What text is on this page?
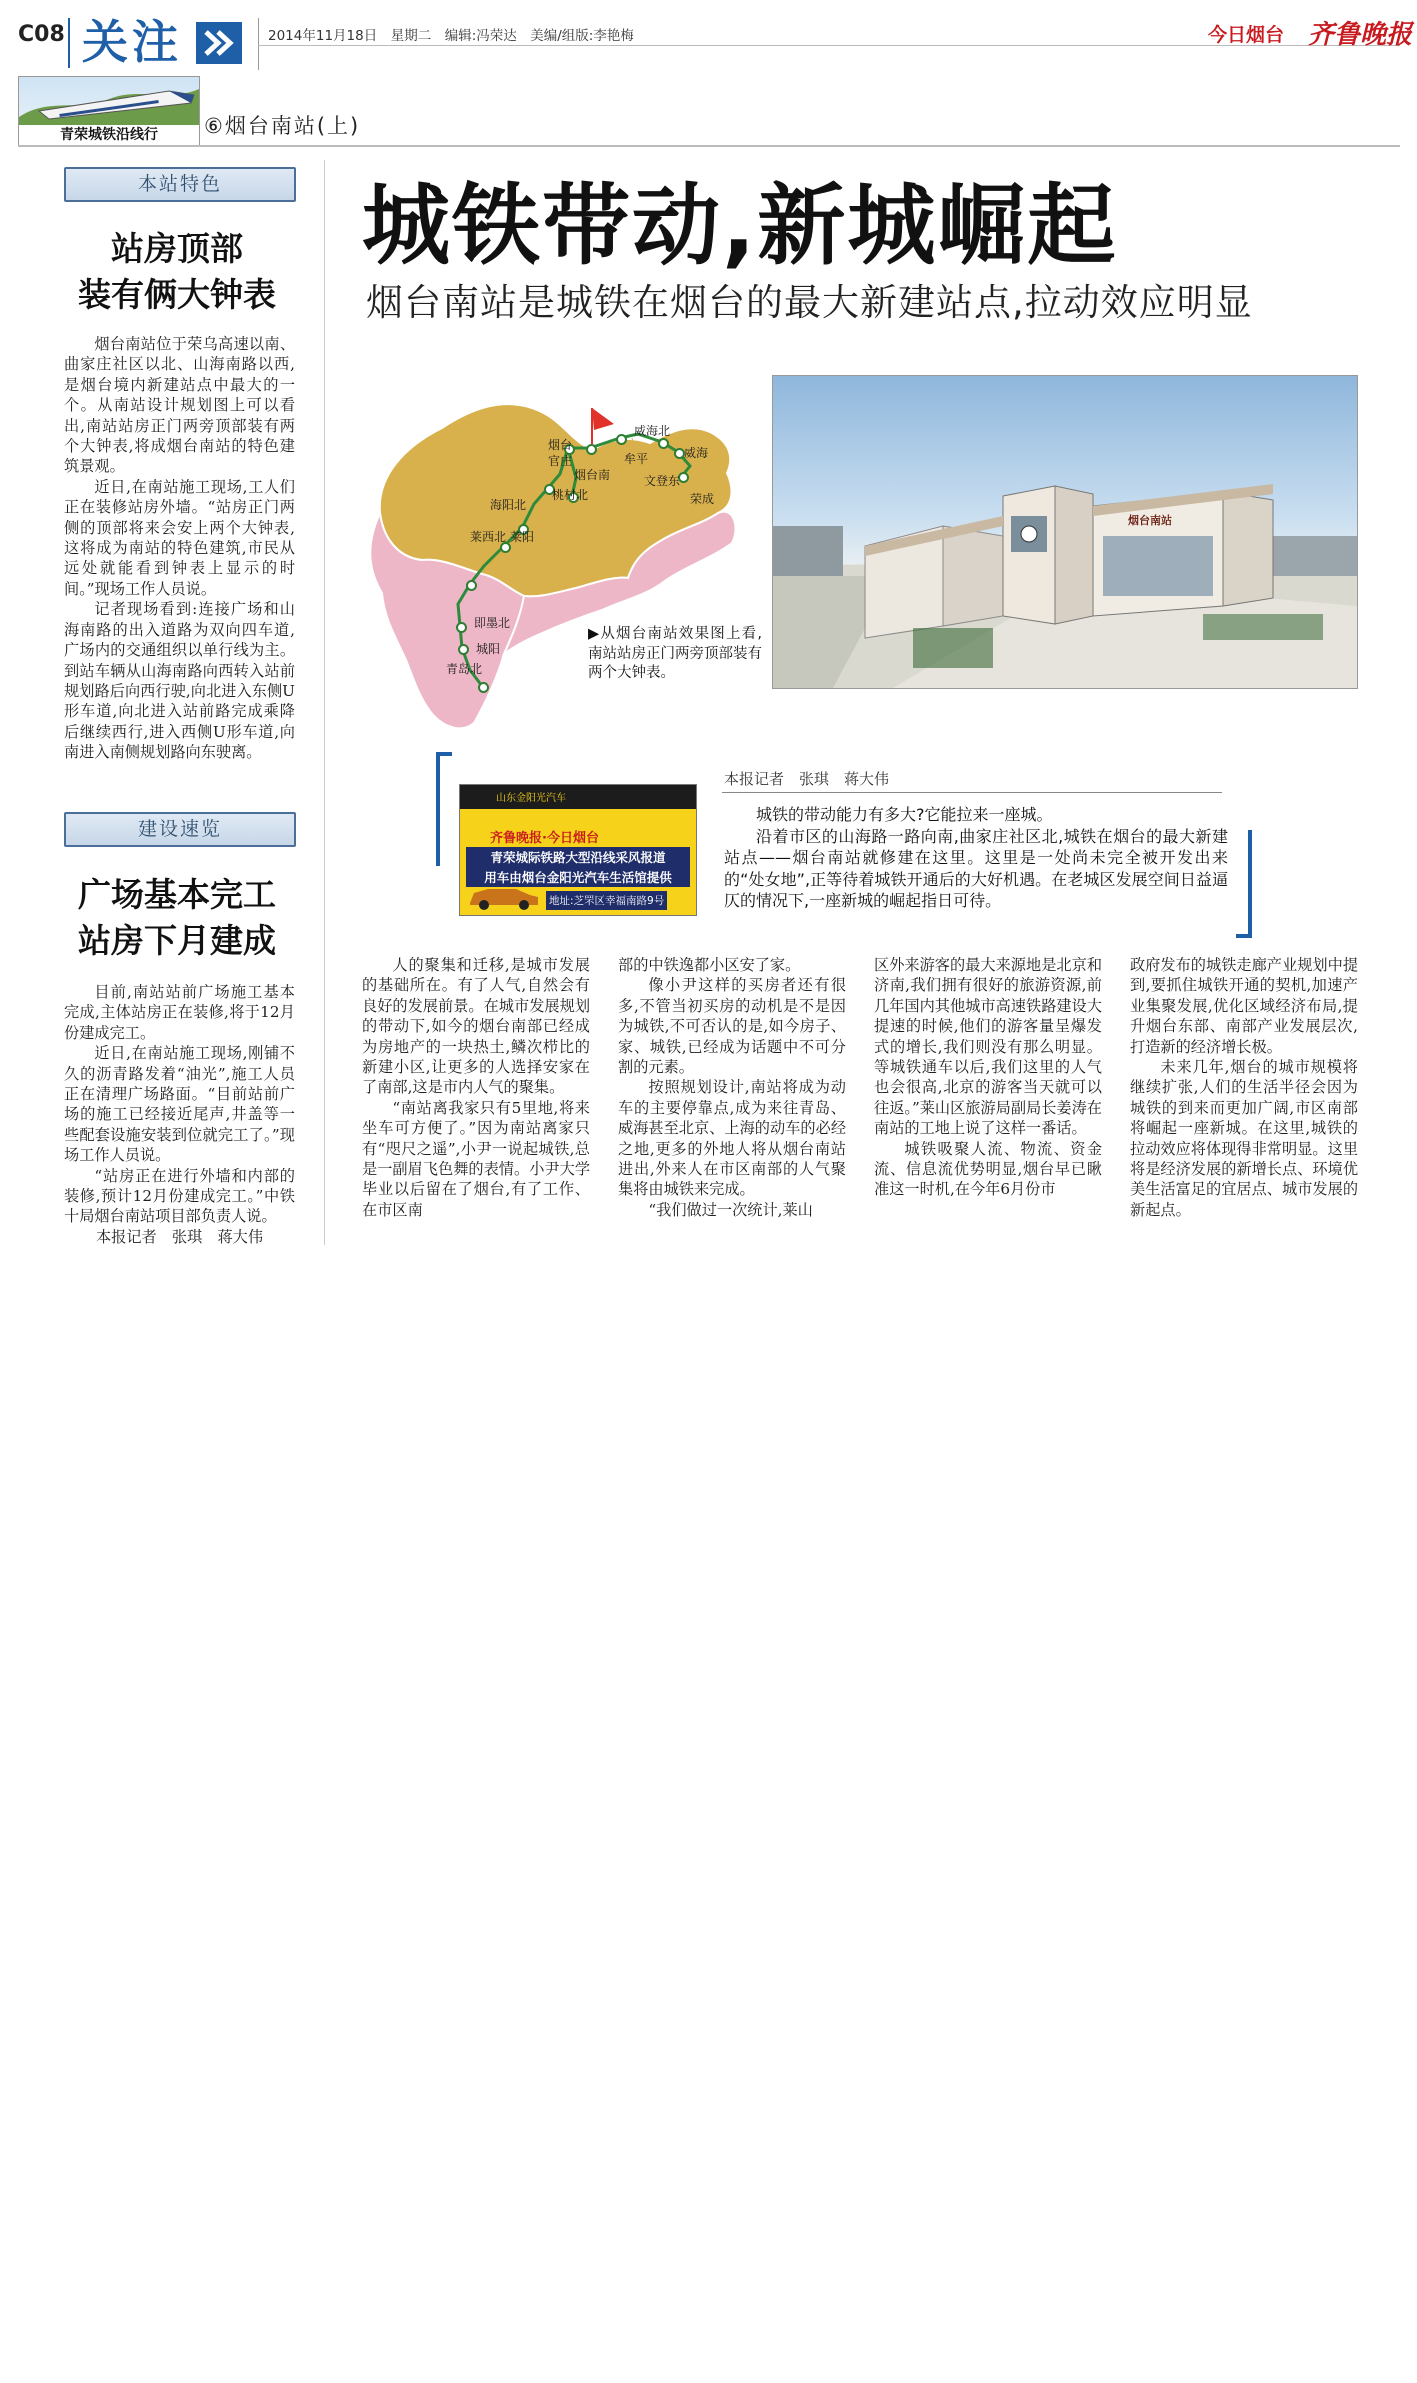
C08 关注	2014年11月18日　星期二　编辑:冯荣达　美编/组版:李艳梅	今日烟台 齐鲁晚报
青荣城铁沿线行	⑥烟台南站(上)
本站特色
站房顶部
装有俩大钟表

烟台南站位于荣乌高速以南、曲家庄社区以北、山海南路以西,是烟台境内新建站点中最大的一个。从南站设计规划图上可以看出,南站站房正门两旁顶部装有两个大钟表,将成烟台南站的特色建筑景观。

近日,在南站施工现场,工人们正在装修站房外墙。“站房正门两侧的顶部将来会安上两个大钟表,这将成为南站的特色建筑,市民从远处就能看到钟表上显示的时间。”现场工作人员说。

记者现场看到:连接广场和山海南路的出入道路为双向四车道,广场内的交通组织以单行线为主。到站车辆从山海南路向西转入站前规划路后向西行驶,向北进入东侧U形车道,向北进入站前路完成乘降后继续西行,进入西侧U形车道,向南进入南侧规划路向东驶离。

建设速览
广场基本完工
站房下月建成

目前,南站站前广场施工基本完成,主体站房正在装修,将于12月份建成完工。

近日,在南站施工现场,刚铺不久的沥青路发着“油光”,施工人员正在清理广场路面。“目前站前广场的施工已经接近尾声,井盖等一些配套设施安装到位就完工了。”现场工作人员说。

“站房正在进行外墙和内部的装修,预计12月份建成完工。”中铁十局烟台南站项目部负责人说。

本报记者　张琪　蒋大伟

城铁带动,新城崛起
烟台南站是城铁在烟台的最大新建站点,拉动效应明显
烟台
官庄	牟平
威海北
威海
文登东
荣成
桃村北
烟台南
海阳北
莱阳
莱西北
即墨北
城阳
青岛北
烟台南站
▶从烟台南站效果图上看,南站站房正门两旁顶部装有两个大钟表。
山东金阳光汽车
齐鲁晚报·今日烟台
青荣城际铁路大型沿线采风报道
用车由烟台金阳光汽车生活馆提供
地址:芝罘区幸福南路9号
本报记者　张琪　蒋大伟

城铁的带动能力有多大?它能拉来一座城。

沿着市区的山海路一路向南,曲家庄社区北,城铁在烟台的最大新建站点——烟台南站就修建在这里。这里是一处尚未完全被开发出来的“处女地”,正等待着城铁开通后的大好机遇。在老城区发展空间日益逼仄的情况下,一座新城的崛起指日可待。

人的聚集和迁移,是城市发展的基础所在。有了人气,自然会有良好的发展前景。在城市发展规划的带动下,如今的烟台南部已经成为房地产的一块热土,鳞次栉比的新建小区,让更多的人选择安家在了南部,这是市内人气的聚集。

“南站离我家只有5里地,将来坐车可方便了。”因为南站离家只有“咫尺之遥”,小尹一说起城铁,总是一副眉飞色舞的表情。小尹大学毕业以后留在了烟台,有了工作、在市区南

部的中铁逸都小区安了家。

像小尹这样的买房者还有很多,不管当初买房的动机是不是因为城铁,不可否认的是,如今房子、家、城铁,已经成为话题中不可分割的元素。

按照规划设计,南站将成为动车的主要停靠点,成为来往青岛、威海甚至北京、上海的动车的必经之地,更多的外地人将从烟台南站进出,外来人在市区南部的人气聚集将由城铁来完成。

“我们做过一次统计,莱山

区外来游客的最大来源地是北京和济南,我们拥有很好的旅游资源,前几年国内其他城市高速铁路建设大提速的时候,他们的游客量呈爆发式的增长,我们则没有那么明显。等城铁通车以后,我们这里的人气也会很高,北京的游客当天就可以往返。”莱山区旅游局副局长姜涛在南站的工地上说了这样一番话。

城铁吸聚人流、物流、资金流、信息流优势明显,烟台早已瞅准这一时机,在今年6月份市

政府发布的城铁走廊产业规划中提到,要抓住城铁开通的契机,加速产业集聚发展,优化区域经济布局,提升烟台东部、南部产业发展层次,打造新的经济增长极。

未来几年,烟台的城市规模将继续扩张,人们的生活半径会因为城铁的到来而更加广阔,市区南部将崛起一座新城。在这里,城铁的拉动效应将体现得非常明显。这里将是经济发展的新增长点、环境优美生活富足的宜居点、城市发展的新起点。
